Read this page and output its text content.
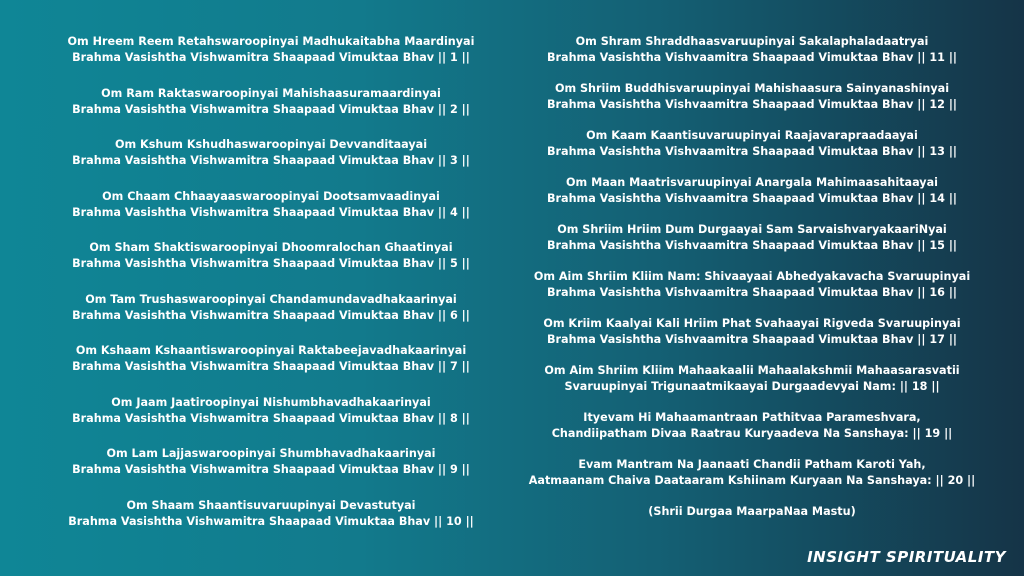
Om Hreem Reem Retahswaroopinyai Madhukaitabha Maardinyai
Brahma Vasishtha Vishwamitra Shaapaad Vimuktaa Bhav || 1 ||
Om Ram Raktaswaroopinyai Mahishaasuramaardinyai
Brahma Vasishtha Vishwamitra Shaapaad Vimuktaa Bhav || 2 ||
Om Kshum Kshudhaswaroopinyai Devvanditaayai
Brahma Vasishtha Vishwamitra Shaapaad Vimuktaa Bhav || 3 ||
Om Chaam Chhaayaaswaroopinyai Dootsamvaadinyai
Brahma Vasishtha Vishwamitra Shaapaad Vimuktaa Bhav || 4 ||
Om Sham Shaktiswaroopinyai Dhoomralochan Ghaatinyai
Brahma Vasishtha Vishwamitra Shaapaad Vimuktaa Bhav || 5 ||
Om Tam Trushaswaroopinyai Chandamundavadhakaarinyai
Brahma Vasishtha Vishwamitra Shaapaad Vimuktaa Bhav || 6 ||
Om Kshaam Kshaantiswaroopinyai Raktabeejavadhakaarinyai
Brahma Vasishtha Vishwamitra Shaapaad Vimuktaa Bhav || 7 ||
Om Jaam Jaatiroopinyai Nishumbhavadhakaarinyai
Brahma Vasishtha Vishwamitra Shaapaad Vimuktaa Bhav || 8 ||
Om Lam Lajjaswaroopinyai Shumbhavadhakaarinyai
Brahma Vasishtha Vishwamitra Shaapaad Vimuktaa Bhav || 9 ||
Om Shaam Shaantisuvaruupinyai Devastutyai
Brahma Vasishtha Vishwamitra Shaapaad Vimuktaa Bhav || 10 ||
Om Shram Shraddhaasvaruupinyai Sakalaphaladaatryai
Brahma Vasishtha Vishvaamitra Shaapaad Vimuktaa Bhav || 11 ||
Om Shriim Buddhisvaruupinyai Mahishaasura Sainyanashinyai
Brahma Vasishtha Vishvaamitra Shaapaad Vimuktaa Bhav || 12 ||
Om Kaam Kaantisuvaruupinyai Raajavarapraadaayai
Brahma Vasishtha Vishvaamitra Shaapaad Vimuktaa Bhav || 13 ||
Om Maan Maatrisvaruupinyai Anargala Mahimaasahitaayai
Brahma Vasishtha Vishvaamitra Shaapaad Vimuktaa Bhav || 14 ||
Om Shriim Hriim Dum Durgaayai Sam SarvaishvaryakaariNyai
Brahma Vasishtha Vishvaamitra Shaapaad Vimuktaa Bhav || 15 ||
Om Aim Shriim Kliim Nam: Shivaayaai Abhedyakavacha Svaruupinyai
Brahma Vasishtha Vishvaamitra Shaapaad Vimuktaa Bhav || 16 ||
Om Kriim Kaalyai Kali Hriim Phat Svahaayai Rigveda Svaruupinyai
Brahma Vasishtha Vishvaamitra Shaapaad Vimuktaa Bhav || 17 ||
Om Aim Shriim Kliim Mahaakaalii Mahaalakshmii Mahaasarasvatii
Svaruupinyai Trigunaatmikaayai Durgaadevyai Nam: || 18 ||
Ityevam Hi Mahaamantraan Pathitvaa Parameshvara,
Chandiipatham Divaa Raatrau Kuryaadeva Na Sanshaya: || 19 ||
Evam Mantram Na Jaanaati Chandii Patham Karoti Yah,
Aatmaanam Chaiva Daataaram Kshiinam Kuryaan Na Sanshaya: || 20 ||
(Shrii Durgaa MaarpaNaa Mastu)
INSIGHT SPIRITUALITY
